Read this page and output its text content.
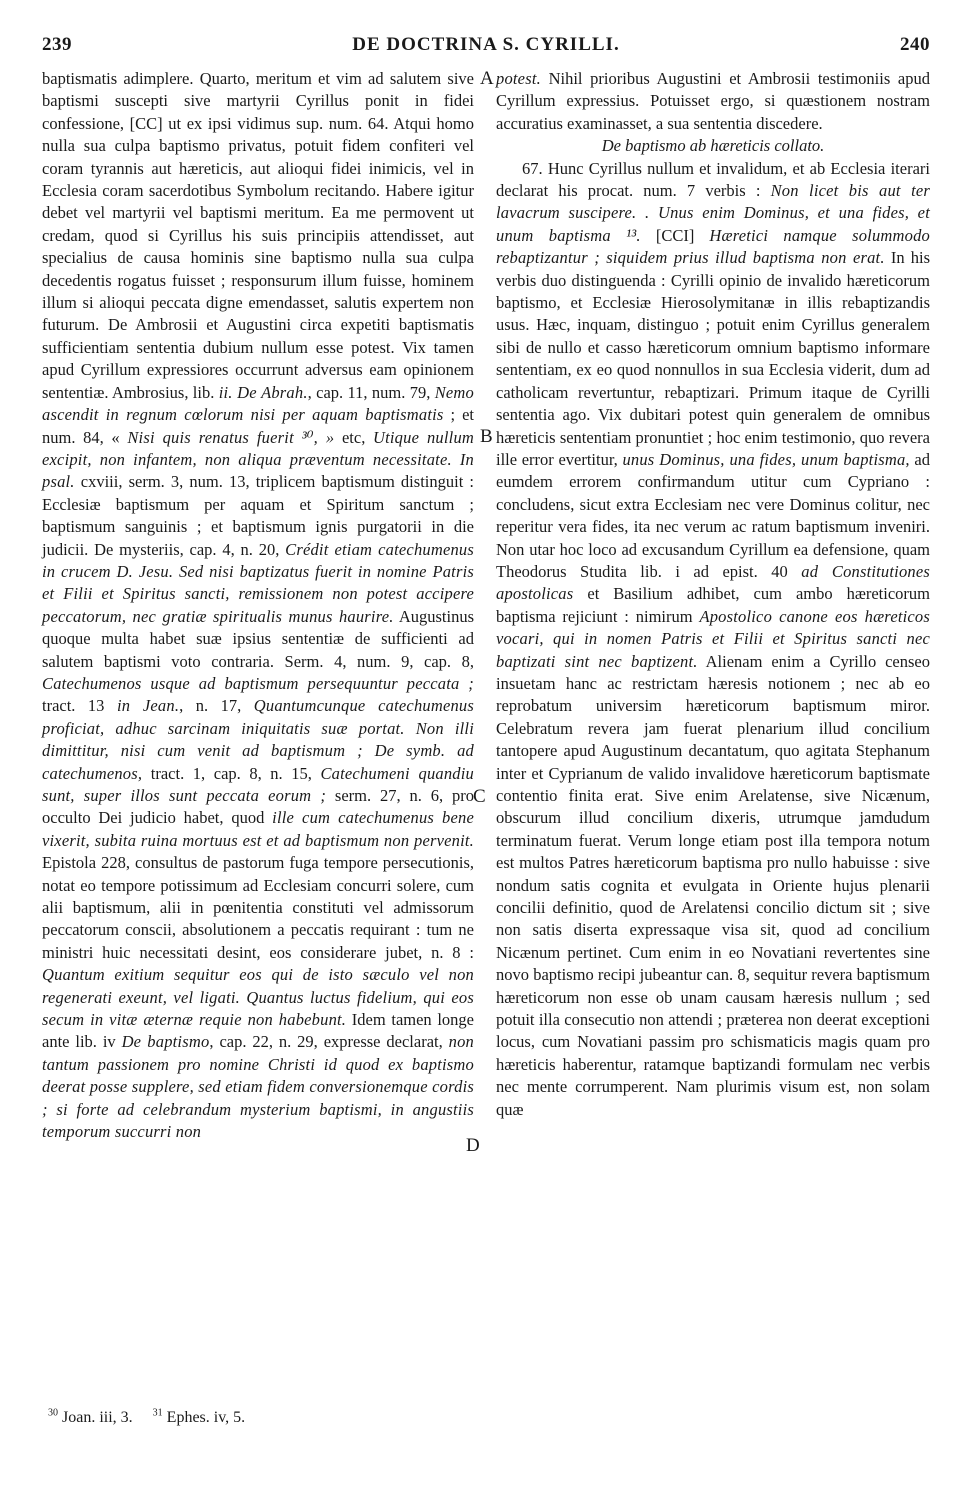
239	DE DOCTRINA S. CYRILLI.	240

baptismatis adimplere. Quarto, meritum et vim ad salutem sive baptismi suscepti sive martyrii Cyrillus ponit in fidei confessione, [CC] ut ex ipsi vidimus sup. num. 64. Atqui homo nulla sua culpa baptismo privatus, potuit fidem confiteri vel coram tyrannis aut hæreticis, aut alioqui fidei inimicis, vel in Ecclesia coram sacerdotibus Symbolum recitando. Habere igitur debet vel martyrii vel baptismi meritum. Ea me permovent ut credam, quod si Cyrillus his suis principiis attendisset, aut specialius de causa hominis sine baptismo nulla sua culpa decedentis rogatus fuisset ; responsurum illum fuisse, hominem illum si alioqui peccata digne emendasset, salutis expertem non futurum. De Ambrosii et Augustini circa expetiti baptismatis sufficientiam sententia dubium nullum esse potest. Vix tamen apud Cyrillum expressiores occurrunt adversus eam opinionem sententiæ. Ambrosius, lib. ii. De Abrah., cap. 11, num. 79, Nemo ascendit in regnum cœlorum nisi per aquam baptismatis ; et num. 84, « Nisi quis renatus fuerit ³⁰, » etc, Utique nullum excipit, non infantem, non aliqua præventum necessitate. In psal. cxviii, serm. 3, num. 13, triplicem baptismum distinguit : Ecclesiæ baptismum per aquam et Spiritum sanctum ; baptismum sanguinis ; et baptismum ignis purgatorii in die judicii. De mysteriis, cap. 4, n. 20, Crédit etiam catechumenus in crucem D. Jesu. Sed nisi baptizatus fuerit in nomine Patris et Filii et Spiritus sancti, remissionem non potest accipere peccatorum, nec gratiæ spiritualis munus haurire. Augustinus quoque multa habet suæ ipsius sententiæ de sufficienti ad salutem baptismi voto contraria. Serm. 4, num. 9, cap. 8, Catechumenos usque ad baptismum persequuntur peccata ; tract. 13 in Jean., n. 17, Quantumcunque catechumenus proficiat, adhuc sarcinam iniquitatis suæ portat. Non illi dimittitur, nisi cum venit ad baptismum ; De symb. ad catechumenos, tract. 1, cap. 8, n. 15, Catechumeni quandiu sunt, super illos sunt peccata eorum ; serm. 27, n. 6, pro occulto Dei judicio habet, quod ille cum catechumenus bene vixerit, subita ruina mortuus est et ad baptismum non pervenit. Epistola 228, consultus de pastorum fuga tempore persecutionis, notat eo tempore potissimum ad Ecclesiam concurri solere, cum alii baptismum, alii in pœnitentia constituti vel admissorum peccatorum conscii, absolutionem a peccatis requirant : tum ne ministri huic necessitati desint, eos considerare jubet, n. 8 : Quantum exitium sequitur eos qui de isto sæculo vel non regenerati exeunt, vel ligati. Quantus luctus fidelium, qui eos secum in vitæ æternæ requie non habebunt. Idem tamen longe ante lib. iv De baptismo, cap. 22, n. 29, expresse declarat, non tantum passionem pro nomine Christi id quod ex baptismo deerat posse supplere, sed etiam fidem conversionemque cordis ; si forte ad celebrandum mysterium baptismi, in angustiis temporum succurri non

potest. Nihil prioribus Augustini et Ambrosii testimoniis apud Cyrillum expressius. Potuisset ergo, si quæstionem nostram accuratius examinasset, a sua sententia discedere.

De baptismo ab hæreticis collato.

67. Hunc Cyrillus nullum et invalidum, et ab Ecclesia iterari declarat his procat. num. 7 verbis : Non licet bis aut ter lavacrum suscipere. . Unus enim Dominus, et una fides, et unum baptisma ¹³. [CCI] Hæretici namque solummodo rebaptizantur ; siquidem prius illud baptisma non erat. In his verbis duo distinguenda : Cyrilli opinio de invalido hæreticorum baptismo, et Ecclesiæ Hierosolymitanæ in illis rebaptizandis usus. Hæc, inquam, distinguo ; potuit enim Cyrillus generalem sibi de nullo et casso hæreticorum omnium baptismo informare sententiam, ex eo quod nonnullos in sua Ecclesia viderit, dum ad catholicam revertuntur, rebaptizari. Primum itaque de Cyrilli sententia ago. Vix dubitari potest quin generalem de omnibus hæreticis sententiam pronuntiet ; hoc enim testimonio, quo revera ille error evertitur, unus Dominus, una fides, unum baptisma, ad eumdem errorem confirmandum utitur cum Cypriano : concludens, sicut extra Ecclesiam nec vere Dominus colitur, nec reperitur vera fides, ita nec verum ac ratum baptismum inveniri. Non utar hoc loco ad excusandum Cyrillum ea defensione, quam Theodorus Studita lib. i ad epist. 40 ad Constitutiones apostolicas et Basilium adhibet, cum ambo hæreticorum baptisma rejiciunt : nimirum Apostolico canone eos hæreticos vocari, qui in nomen Patris et Filii et Spiritus sancti nec baptizati sint nec baptizent. Alienam enim a Cyrillo censeo insuetam hanc ac restrictam hæresis notionem ; nec ab eo reprobatum universim hæreticorum baptismum miror. Celebratum revera jam fuerat plenarium illud concilium tantopere apud Augustinum decantatum, quo agitata Stephanum inter et Cyprianum de valido invalidove hæreticorum baptismate contentio finita erat. Sive enim Arelatense, sive Nicænum, obscurum illud concilium dixeris, utrumque jamdudum terminatum fuerat. Verum longe etiam post illa tempora notum est multos Patres hæreticorum baptisma pro nullo habuisse : sive nondum satis cognita et evulgata in Oriente hujus plenarii concilii definitio, quod de Arelatensi concilio dictum sit ; sive non satis diserta expressaque visa sit, quod ad concilium Nicænum pertinet. Cum enim in eo Novatiani revertentes sine novo baptismo recipi jubeantur can. 8, sequitur revera baptismum hæreticorum non esse ob unam causam hæresis nullum ; sed potuit illa consecutio non attendi ; præterea non deerat exceptioni locus, cum Novatiani passim pro schismaticis magis quam pro hæreticis haberentur, ratamque baptizandi formulam nec verbis nec mente corrumperent. Nam plurimis visum est, non solam quæ

A
B
C
D
$^{30}$ Joan. iii, 3. $^{31}$ Ephes. iv, 5.
